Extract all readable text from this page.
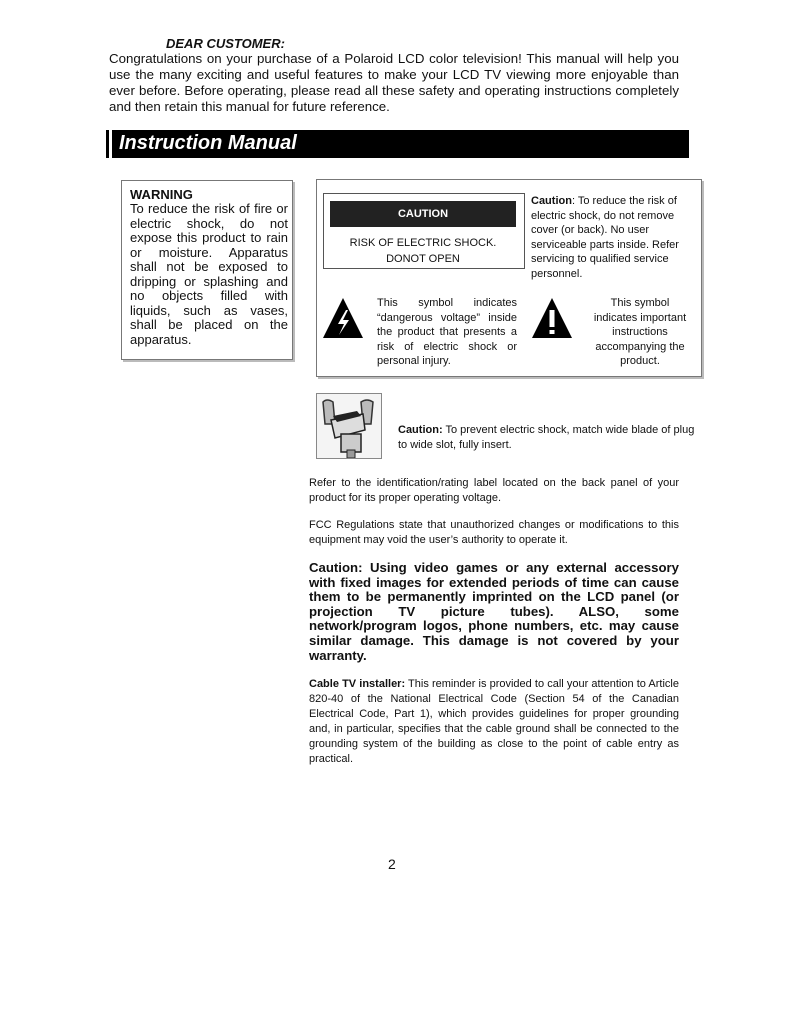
DEAR CUSTOMER:
Congratulations on your purchase of a Polaroid LCD color television! This manual will help you use the many exciting and useful features to make your LCD TV viewing more enjoyable than ever before. Before operating, please read all these safety and operating instructions completely and then retain this manual for future reference.
Instruction Manual
WARNING
To reduce the risk of fire or electric shock, do not expose this product to rain or moisture. Apparatus shall not be exposed to dripping or splashing and no objects filled with liquids, such as vases, shall be placed on the apparatus.
CAUTION
RISK OF ELECTRIC SHOCK.
DONOT OPEN
Caution: To reduce the risk of electric shock, do not remove cover (or back). No user serviceable parts inside. Refer servicing to qualified service personnel.
This symbol indicates “dangerous voltage” inside the product that presents a risk of electric shock or personal injury.
This symbol indicates important instructions accompanying the product.
Caution: To prevent electric shock, match wide blade of plug to wide slot, fully insert.
Refer to the identification/rating label located on the back panel of your product for its proper operating voltage.
FCC Regulations state that unauthorized changes or modifications to this equipment may void the user’s authority to operate it.
Caution: Using video games or any external accessory with fixed images for extended periods of time can cause them to be permanently imprinted on the LCD panel (or projection TV picture tubes). ALSO, some network/program logos, phone numbers, etc. may cause similar damage. This damage is not covered by your warranty.
Cable TV installer: This reminder is provided to call your attention to Article 820-40 of the National Electrical Code (Section 54 of the Canadian Electrical Code, Part 1), which provides guidelines for proper grounding and, in particular, specifies that the cable ground shall be connected to the grounding system of the building as close to the point of cable entry as practical.
2
